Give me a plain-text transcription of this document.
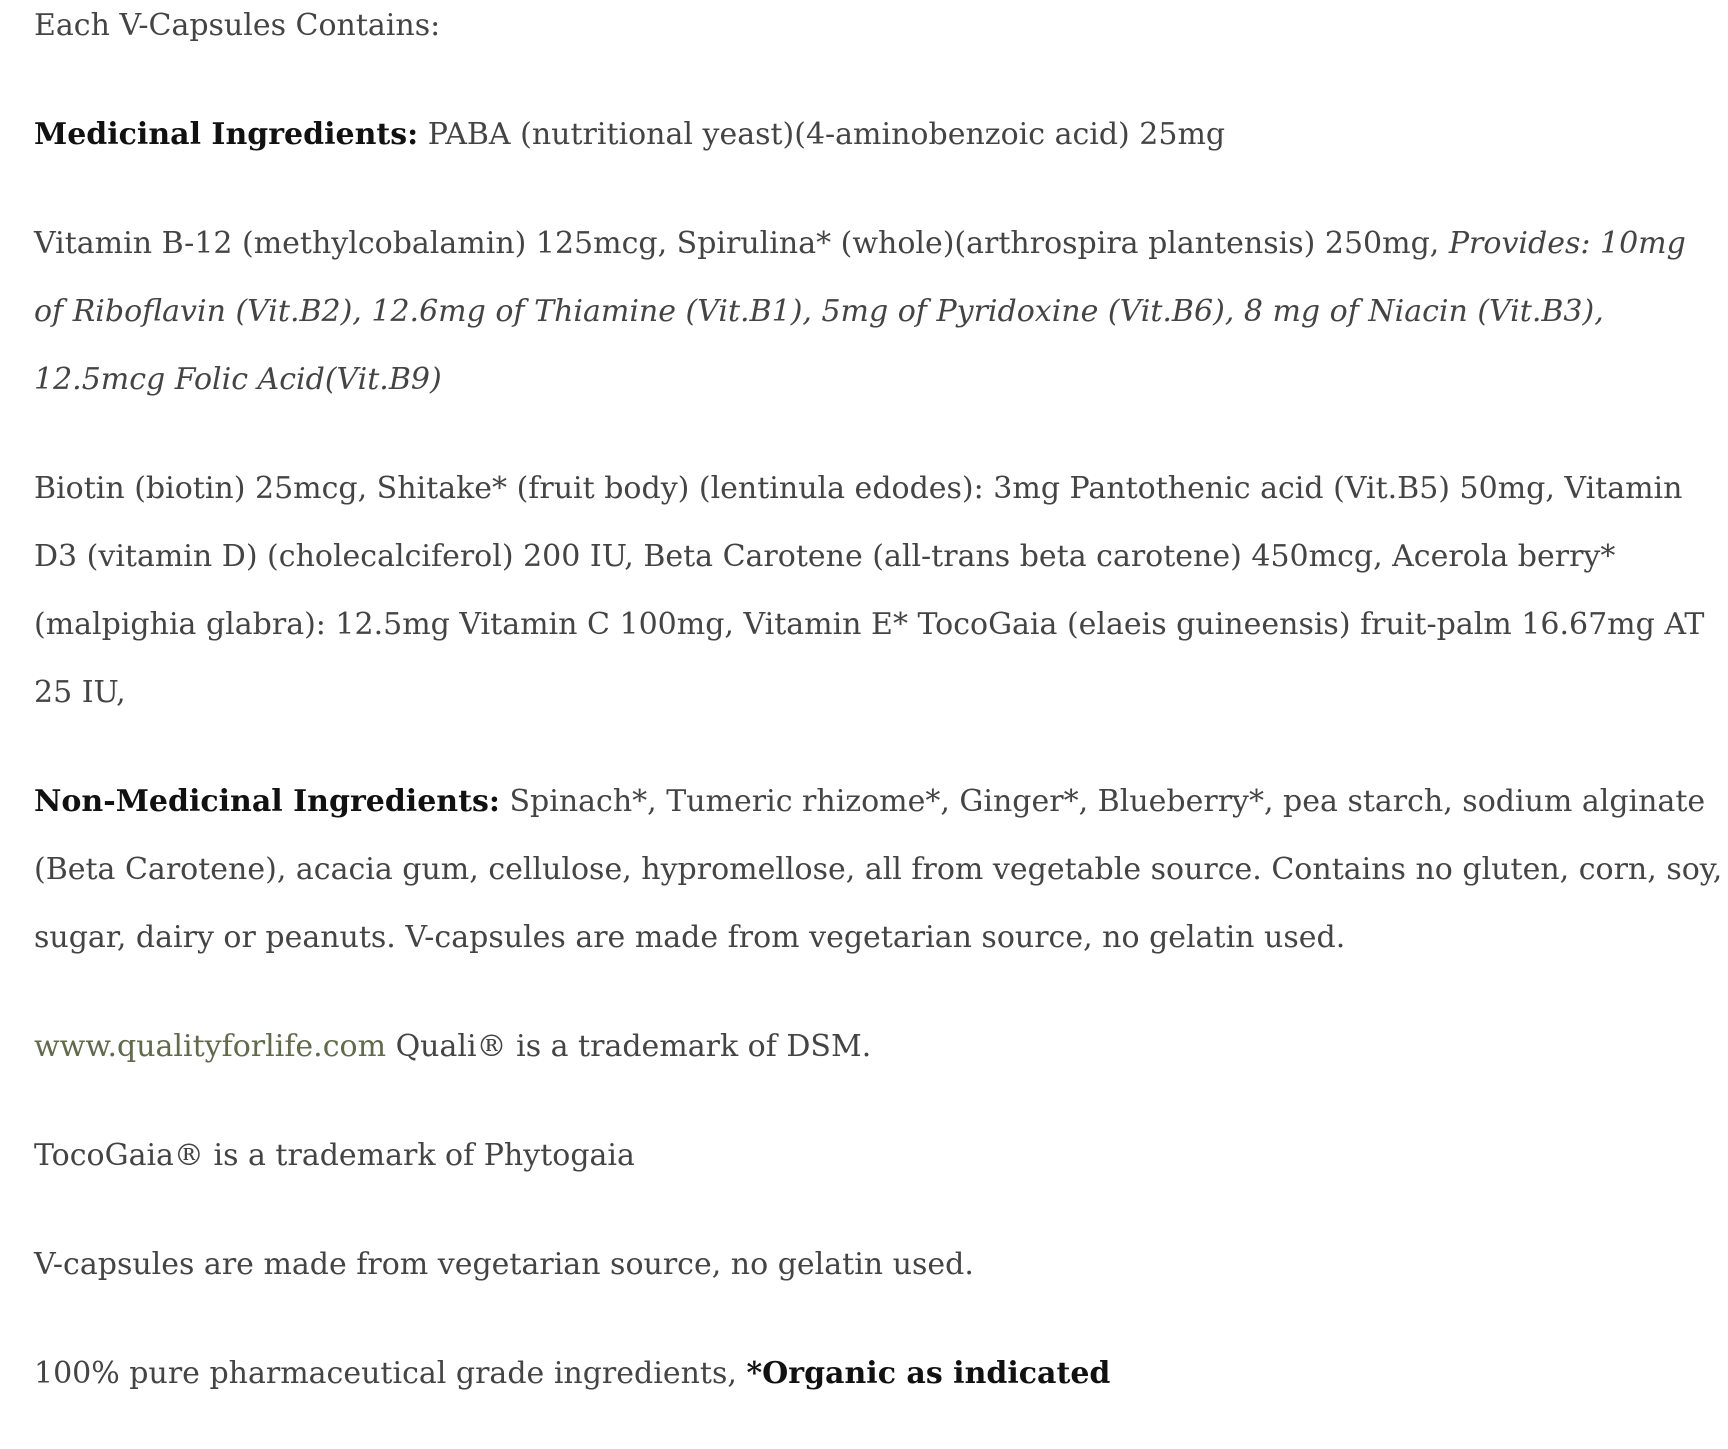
Each V-Capsules Contains:

Medicinal Ingredients: PABA (nutritional yeast)(4-aminobenzoic acid) 25mg

Vitamin B-12 (methylcobalamin) 125mcg, Spirulina* (whole)(arthrospira plantensis) 250mg, Provides: 10mg of Riboflavin (Vit.B2), 12.6mg of Thiamine (Vit.B1), 5mg of Pyridoxine (Vit.B6), 8 mg of Niacin (Vit.B3), 12.5mcg Folic Acid(Vit.B9)

Biotin (biotin) 25mcg, Shitake* (fruit body) (lentinula edodes): 3mg Pantothenic acid (Vit.B5) 50mg, Vitamin D3 (vitamin D) (cholecalciferol) 200 IU, Beta Carotene (all-trans beta carotene) 450mcg, Acerola berry* (malpighia glabra): 12.5mg Vitamin C 100mg, Vitamin E* TocoGaia (elaeis guineensis) fruit-palm 16.67mg AT 25 IU,

Non-Medicinal Ingredients: Spinach*, Tumeric rhizome*, Ginger*, Blueberry*, pea starch, sodium alginate (Beta Carotene), acacia gum, cellulose, hypromellose, all from vegetable source. Contains no gluten, corn, soy, sugar, dairy or peanuts. V-capsules are made from vegetarian source, no gelatin used.

www.qualityforlife.com Quali® is a trademark of DSM.

TocoGaia® is a trademark of Phytogaia

V-capsules are made from vegetarian source, no gelatin used.

100% pure pharmaceutical grade ingredients, *Organic as indicated
